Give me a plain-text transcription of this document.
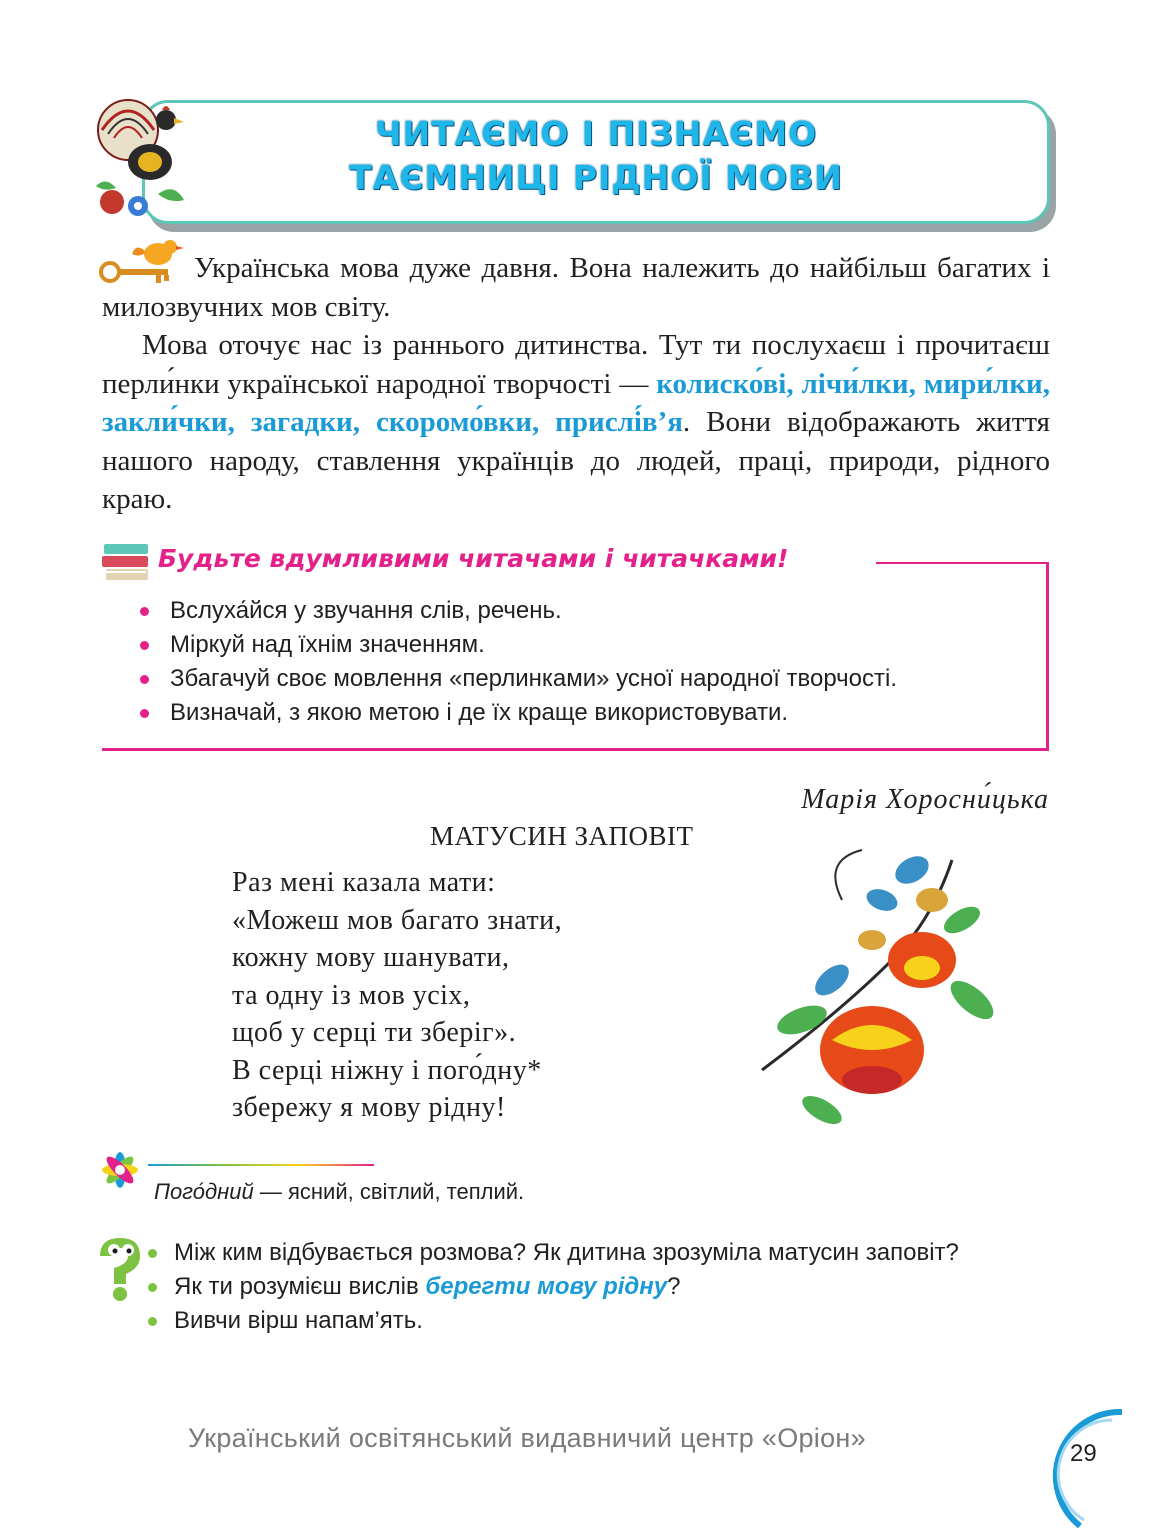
ЧИТАЄМО І ПІЗНАЄМО
ТАЄМНИЦІ РІДНОЇ МОВИ

Українська мова дуже давня. Вона належить до найбільш багатих і милозвучних мов світу.

Мова оточує нас із раннього дитинства. Тут ти послухаєш і прочитаєш перли́нки української народної творчості — колиско́ві, лічи́лки, мири́лки, закли́чки, загадки, скоромо́вки, прислі́в’я. Вони відображають життя нашого народу, ставлення українців до людей, праці, природи, рідного краю.

Будьте вдумливими читачами і читачками!
Вслуха́йся у звучання слів, речень.
Міркуй над їхнім значенням.
Збагачуй своє мовлення «перлинками» усної народної творчості.
Визначай, з якою метою і де їх краще використовувати.
Марія Хоросни́цька
МАТУСИН ЗАПОВІТ
Раз мені казала мати:
«Можеш мов багато знати,
кожну мову шанувати,
та одну із мов усіх,
щоб у серці ти зберіг».
В серці ніжну і пого́дну*
збережу я мову рідну!
Пого́дний — ясний, світлий, теплий.
Між ким відбувається розмова? Як дитина зрозуміла матусин заповіт?
Як ти розумієш вислів берегти мову рідну?
Вивчи вірш напам’ять.
Український освітянський видавничий центр «Оріон»
29
